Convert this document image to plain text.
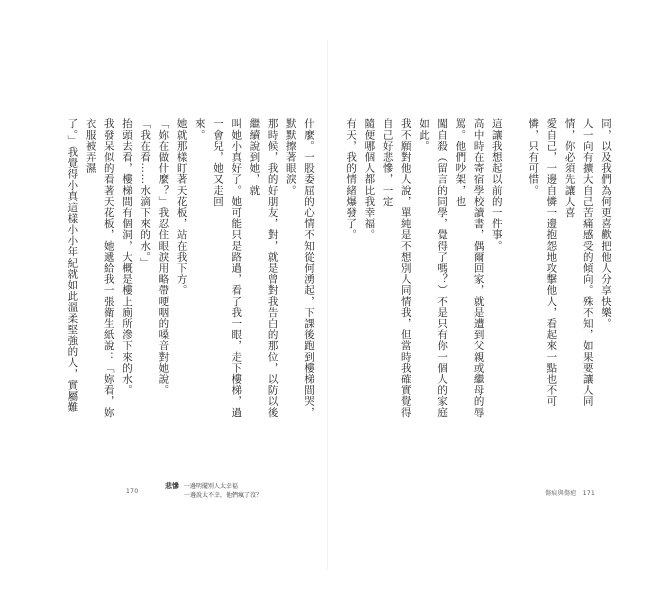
同，以及我們為何更喜歡把他人分享快樂。

人一向有擴大自己苦痛感受的傾向。殊不知，如果要讓人同情，你必須先讓人喜

愛自己，一邊自憐一邊抱怨地攻擊他人，看起來一點也不可憐，只有可惜。

這讓我想起以前的一件事。

高中時在寄宿學校讀書，偶爾回家，就是遭到父親或繼母的辱罵。他們吵架，也

闖自殺（留言的同學，覺得了嗎？）不是只有你一個人的家庭如此。

我不願對他人說，單純是不想別人同情我，但當時我確實覺得自己好悲慘，一定

隨便哪個人都比我幸福。

有天，我的情緒爆發了。

什麼。一股委屈的心情不知從何湧起，下課後跑到樓梯間哭，默默擦著眼淚。

那時候，我的好朋友，對，就是曾對我告白的那位，以防以後繼續說到她，就

叫她小真好了。她可能只是路過，看了我一眼，走下樓梯，過一會兒，她又走回

來。

她就那樣盯著天花板，站在我下方。

「妳在做什麼？」我忍住眼淚用略帶哽咽的嗓音對她說。

「我在看……水滴下來的水。」

抬頭去看，樓梯間有個洞，大概是樓上廁所滲下來的水。

我發呆似的看著天花板，她遞給我一張衛生紙說：「妳看，妳衣服被弄濕

了。」我覺得小真這樣小小年紀就如此溫柔堅強的人，實屬難

悲慘 一邊明擺別人太幸福
一邊說太不幸，他們瘋了沒？
170	傷痕與傷疤 171
